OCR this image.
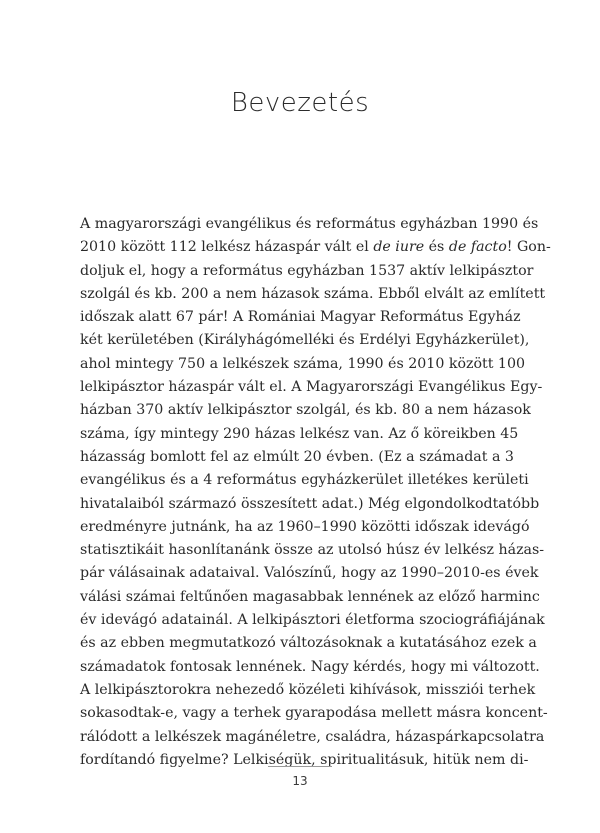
Bevezetés
A magyarországi evangélikus és református egyházban 1990 és
2010 között 112 lelkész házaspár vált el de iure és de facto! Gon-
doljuk el, hogy a református egyházban 1537 aktív lelkipásztor
szolgál és kb. 200 a nem házasok száma. Ebből elvált az említett
időszak alatt 67 pár! A Romániai Magyar Református Egyház
két kerületében (Királyhágómelléki és Erdélyi Egyházkerület),
ahol mintegy 750 a lelkészek száma, 1990 és 2010 között 100
lelkipásztor házaspár vált el. A Magyarországi Evangélikus Egy-
házban 370 aktív lelkipásztor szolgál, és kb. 80 a nem házasok
száma, így mintegy 290 házas lelkész van. Az ő köreikben 45
házasság bomlott fel az elmúlt 20 évben. (Ez a számadat a 3
evangélikus és a 4 református egyházkerület illetékes kerületi
hivatalaiból származó összesített adat.) Még elgondolkodtatóbb
eredményre jutnánk, ha az 1960–1990 közötti időszak idevágó
statisztikáit hasonlítanánk össze az utolsó húsz év lelkész házas-
pár válásainak adataival. Valószínű, hogy az 1990–2010-es évek
válási számai feltűnően magasabbak lennének az előző harminc
év idevágó adatainál. A lelkipásztori életforma szociográfiájának
és az ebben megmutatkozó változásoknak a kutatásához ezek a
számadatok fontosak lennének. Nagy kérdés, hogy mi változott.
A lelkipásztorokra nehezedő közéleti kihívások, missziói terhek
sokasodtak-e, vagy a terhek gyarapodása mellett másra koncent-
rálódott a lelkészek magánéletre, családra, házaspárkapcsolatra
fordítandó figyelme? Lelkiségük, spiritualitásuk, hitük nem di-
13
